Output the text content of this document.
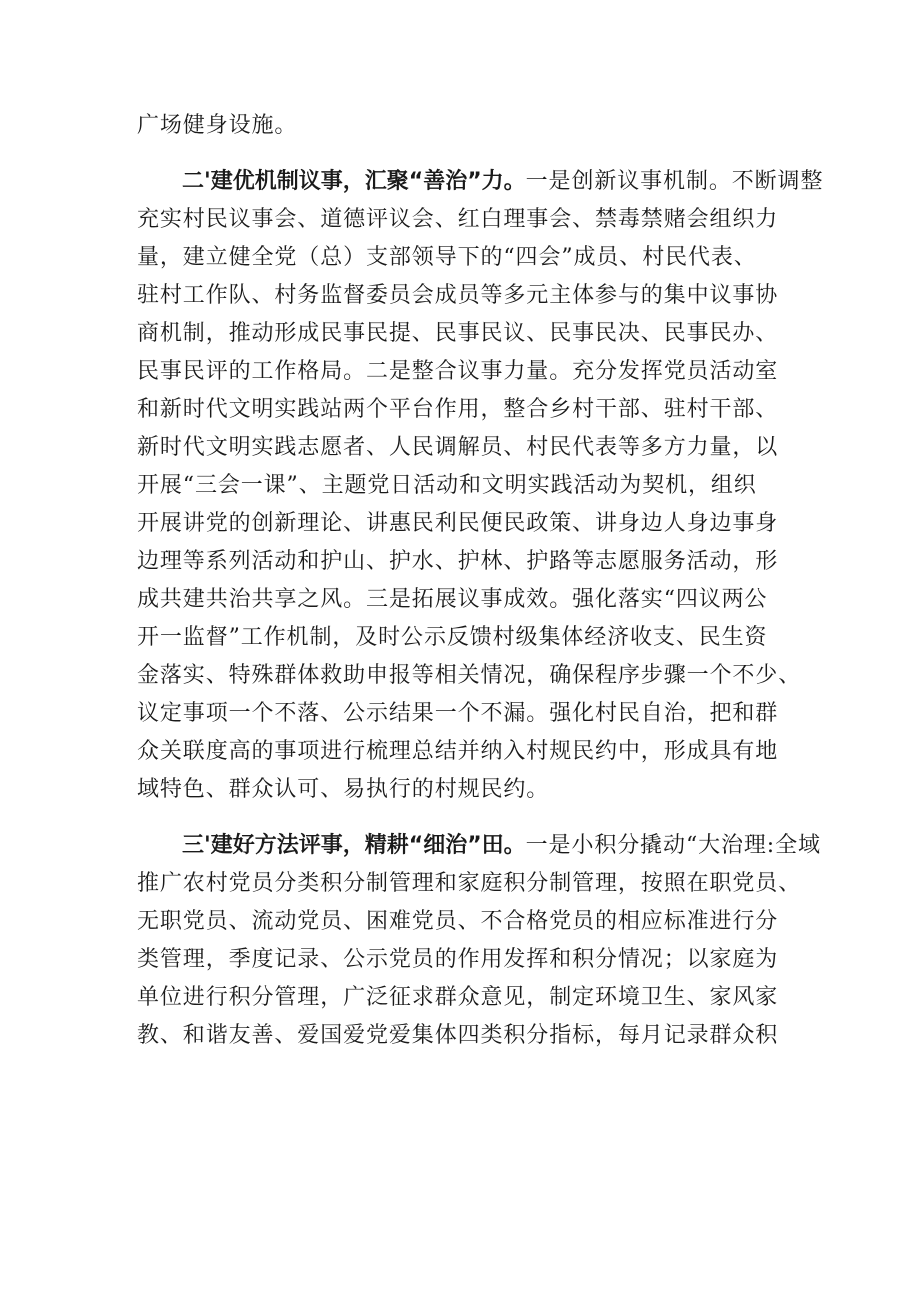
广场健身设施。
二'建优机制议事，汇聚“善治”力。一是创新议事机制。不断调整
充实村民议事会、道德评议会、红白理事会、禁毒禁赌会组织力
量，建立健全党（总）支部领导下的“四会”成员、村民代表、
驻村工作队、村务监督委员会成员等多元主体参与的集中议事协
商机制，推动形成民事民提、民事民议、民事民决、民事民办、
民事民评的工作格局。二是整合议事力量。充分发挥党员活动室
和新时代文明实践站两个平台作用，整合乡村干部、驻村干部、
新时代文明实践志愿者、人民调解员、村民代表等多方力量，以
开展“三会一课”、主题党日活动和文明实践活动为契机，组织
开展讲党的创新理论、讲惠民利民便民政策、讲身边人身边事身
边理等系列活动和护山、护水、护林、护路等志愿服务活动，形
成共建共治共享之风。三是拓展议事成效。强化落实“四议两公
开一监督”工作机制，及时公示反馈村级集体经济收支、民生资
金落实、特殊群体救助申报等相关情况，确保程序步骤一个不少、
议定事项一个不落、公示结果一个不漏。强化村民自治，把和群
众关联度高的事项进行梳理总结并纳入村规民约中，形成具有地
域特色、群众认可、易执行的村规民约。
三'建好方法评事，精耕“细治”田。一是小积分撬动“大治理:全域
推广农村党员分类积分制管理和家庭积分制管理，按照在职党员、
无职党员、流动党员、困难党员、不合格党员的相应标准进行分
类管理，季度记录、公示党员的作用发挥和积分情况；以家庭为
单位进行积分管理，广泛征求群众意见，制定环境卫生、家风家
教、和谐友善、爱国爱党爱集体四类积分指标，每月记录群众积
